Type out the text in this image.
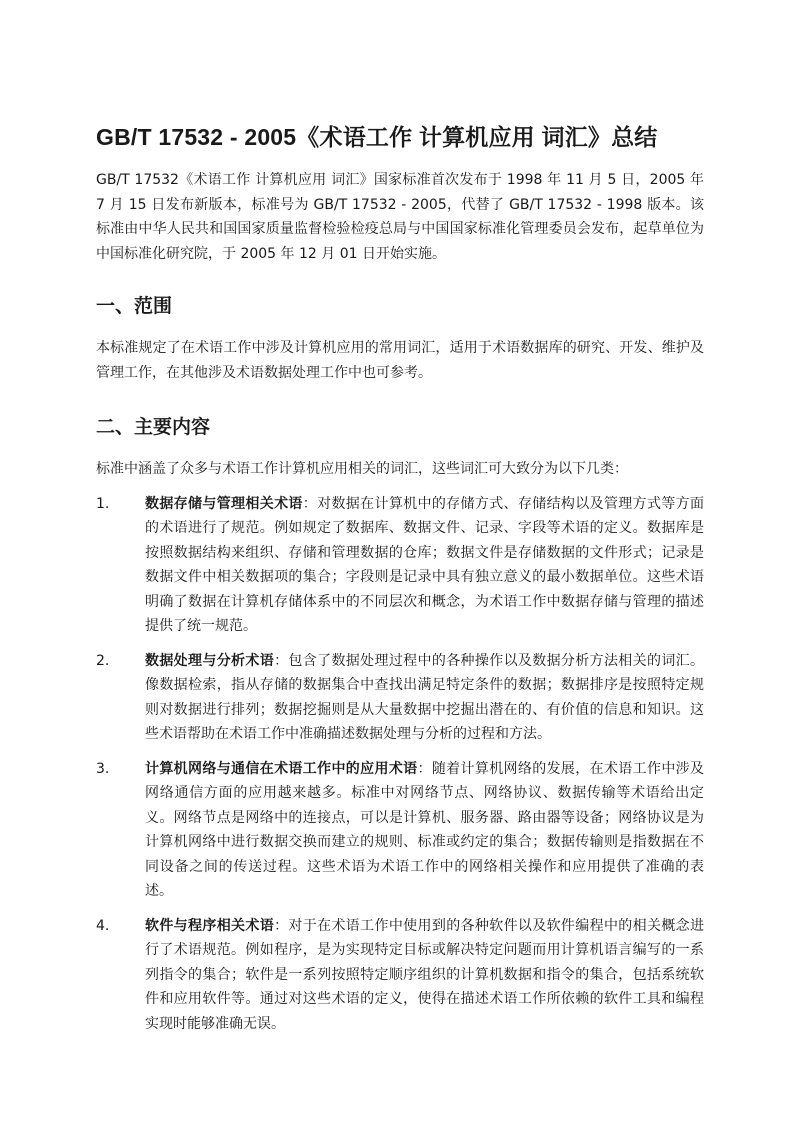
GB/T 17532 - 2005《术语工作 计算机应用 词汇》总结

GB/T 17532《术语工作 计算机应用 词汇》国家标准首次发布于 1998 年 11 月 5 日，2005 年 7 月 15 日发布新版本，标准号为 GB/T 17532 - 2005，代替了 GB/T 17532 - 1998 版本。该标准由中华人民共和国国家质量监督检验检疫总局与中国国家标准化管理委员会发布，起草单位为中国标准化研究院，于 2005 年 12 月 01 日开始实施。

一、范围

本标准规定了在术语工作中涉及计算机应用的常用词汇，适用于术语数据库的研究、开发、维护及管理工作，在其他涉及术语数据处理工作中也可参考。

二、主要内容

标准中涵盖了众多与术语工作计算机应用相关的词汇，这些词汇可大致分为以下几类：

1.	数据存储与管理相关术语：对数据在计算机中的存储方式、存储结构以及管理方式等方面的术语进行了规范。例如规定了数据库、数据文件、记录、字段等术语的定义。数据库是按照数据结构来组织、存储和管理数据的仓库；数据文件是存储数据的文件形式；记录是数据文件中相关数据项的集合；字段则是记录中具有独立意义的最小数据单位。这些术语明确了数据在计算机存储体系中的不同层次和概念，为术语工作中数据存储与管理的描述提供了统一规范。
2.	数据处理与分析术语：包含了数据处理过程中的各种操作以及数据分析方法相关的词汇。像数据检索，指从存储的数据集合中查找出满足特定条件的数据；数据排序是按照特定规则对数据进行排列；数据挖掘则是从大量数据中挖掘出潜在的、有价值的信息和知识。这些术语帮助在术语工作中准确描述数据处理与分析的过程和方法。
3.	计算机网络与通信在术语工作中的应用术语：随着计算机网络的发展，在术语工作中涉及网络通信方面的应用越来越多。标准中对网络节点、网络协议、数据传输等术语给出定义。网络节点是网络中的连接点，可以是计算机、服务器、路由器等设备；网络协议是为计算机网络中进行数据交换而建立的规则、标准或约定的集合；数据传输则是指数据在不同设备之间的传送过程。这些术语为术语工作中的网络相关操作和应用提供了准确的表述。
4.	软件与程序相关术语：对于在术语工作中使用到的各种软件以及软件编程中的相关概念进行了术语规范。例如程序，是为实现特定目标或解决特定问题而用计算机语言编写的一系列指令的集合；软件是一系列按照特定顺序组织的计算机数据和指令的集合，包括系统软件和应用软件等。通过对这些术语的定义，使得在描述术语工作所依赖的软件工具和编程实现时能够准确无误。
